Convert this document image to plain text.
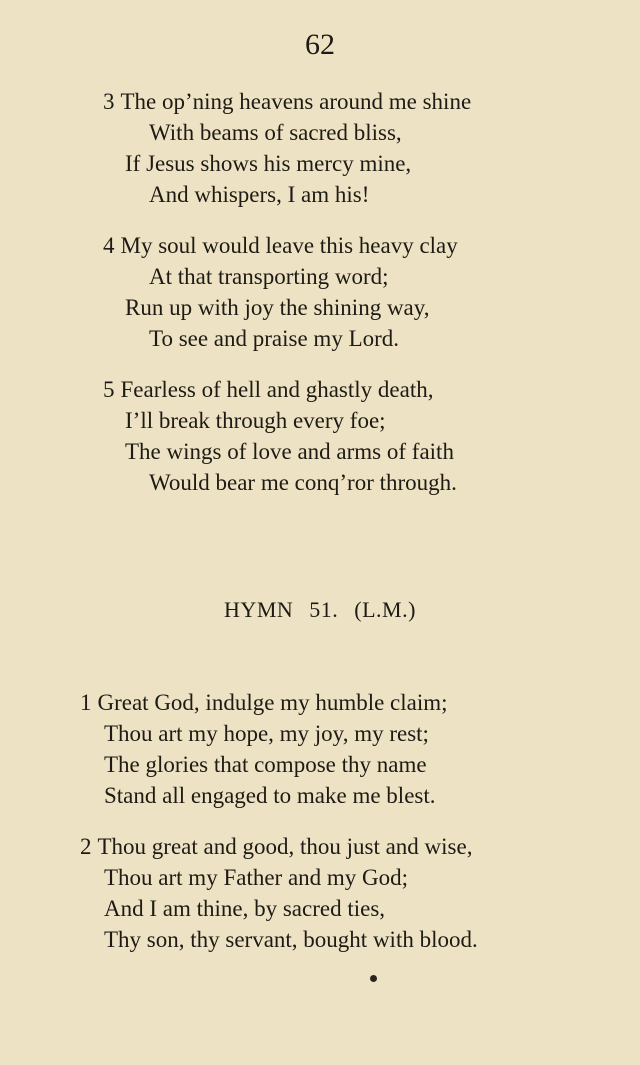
62
3 The op’ning heavens around me shine
With beams of sacred bliss,
If Jesus shows his mercy mine,
And whispers, I am his!
4 My soul would leave this heavy clay
At that transporting word;
Run up with joy the shining way,
To see and praise my Lord.
5 Fearless of hell and ghastly death,
I’ll break through every foe;
The wings of love and arms of faith
Would bear me conq’ror through.
HYMN 51. (L.M.)
1 Great God, indulge my humble claim;
Thou art my hope, my joy, my rest;
The glories that compose thy name
Stand all engaged to make me blest.
2 Thou great and good, thou just and wise,
Thou art my Father and my God;
And I am thine, by sacred ties,
Thy son, thy servant, bought with blood.
